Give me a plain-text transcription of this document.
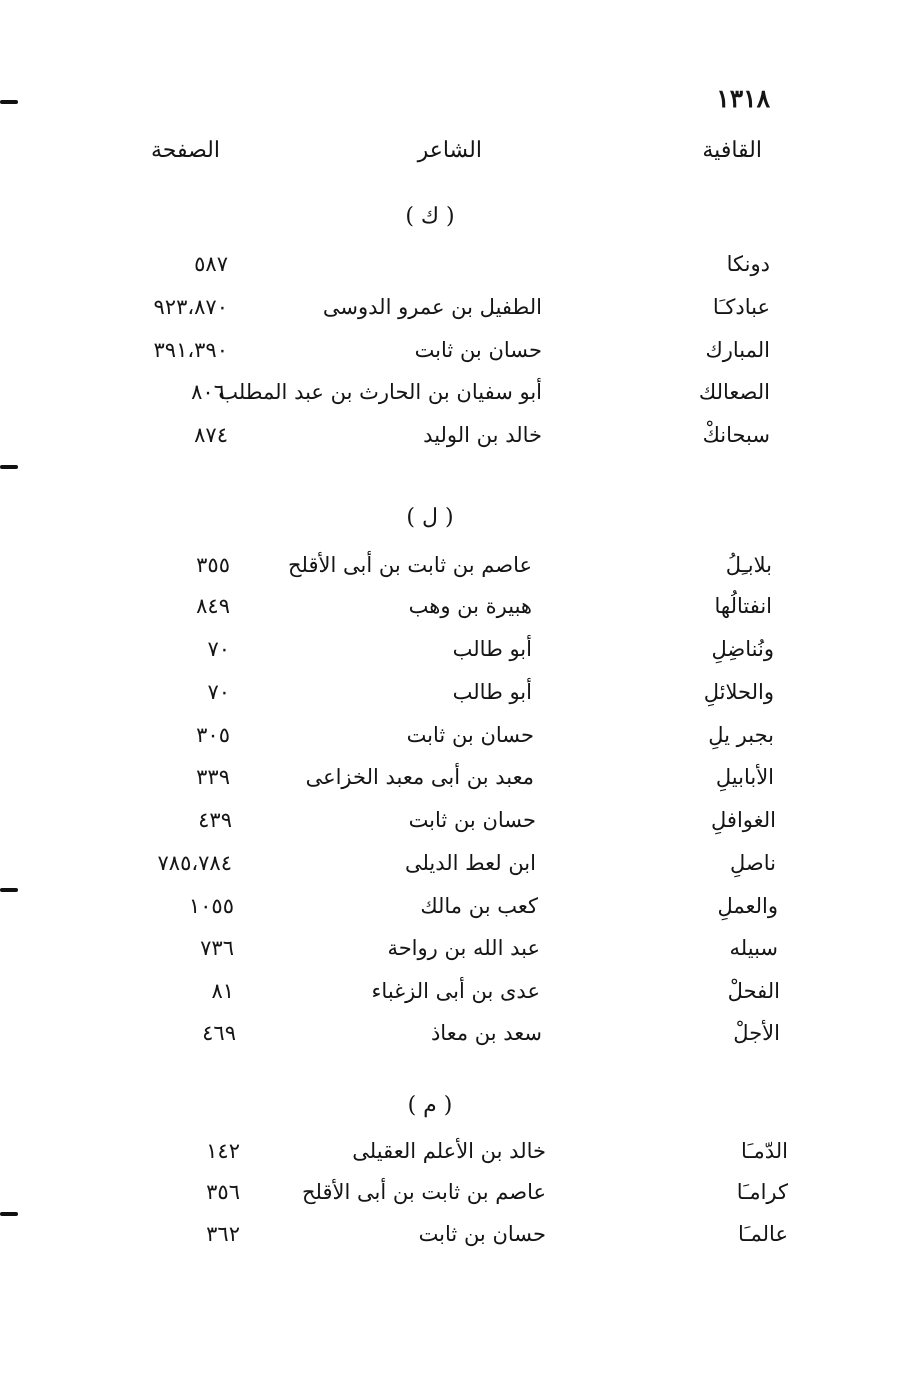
١٣١٨
القافية
الشاعر
الصفحة
( ك )
( ل )
( م )
دونكا
٥٨٧
عبادكـَا
الطفيل بن عمرو الدوسى
٩٢٣،٨٧٠
المبارك
حسان بن ثابت
٣٩١،٣٩٠
الصعالك
أبو سفيان بن الحارث بن عبد المطلب
٨٠٦
سبحانكْ
خالد بن الوليد
٨٧٤
بلابـِلُ
عاصم بن ثابت بن أبى الأقلح
٣٥٥
انفتالُها
هبيرة بن وهب
٨٤٩
ونُناضِلِ
أبو طالب
٧٠
والحلائلِ
أبو طالب
٧٠
بجبر يلِ
حسان بن ثابت
٣٠٥
الأبابيلِ
معبد بن أبى معبد الخزاعى
٣٣٩
الغوافلِ
حسان بن ثابت
٤٣٩
ناصلِ
ابن لعط الديلى
٧٨٥،٧٨٤
والعملِ
كعب بن مالك
١٠٥٥
سبيله
عبد الله بن رواحة
٧٣٦
الفحلْ
عدى بن أبى الزغباء
٨١
الأجلْ
سعد بن معاذ
٤٦٩
الدّمـَا
خالد بن الأعلم العقيلى
١٤٢
كرامـَا
عاصم بن ثابت بن أبى الأقلح
٣٥٦
عالمـَا
حسان بن ثابت
٣٦٢
